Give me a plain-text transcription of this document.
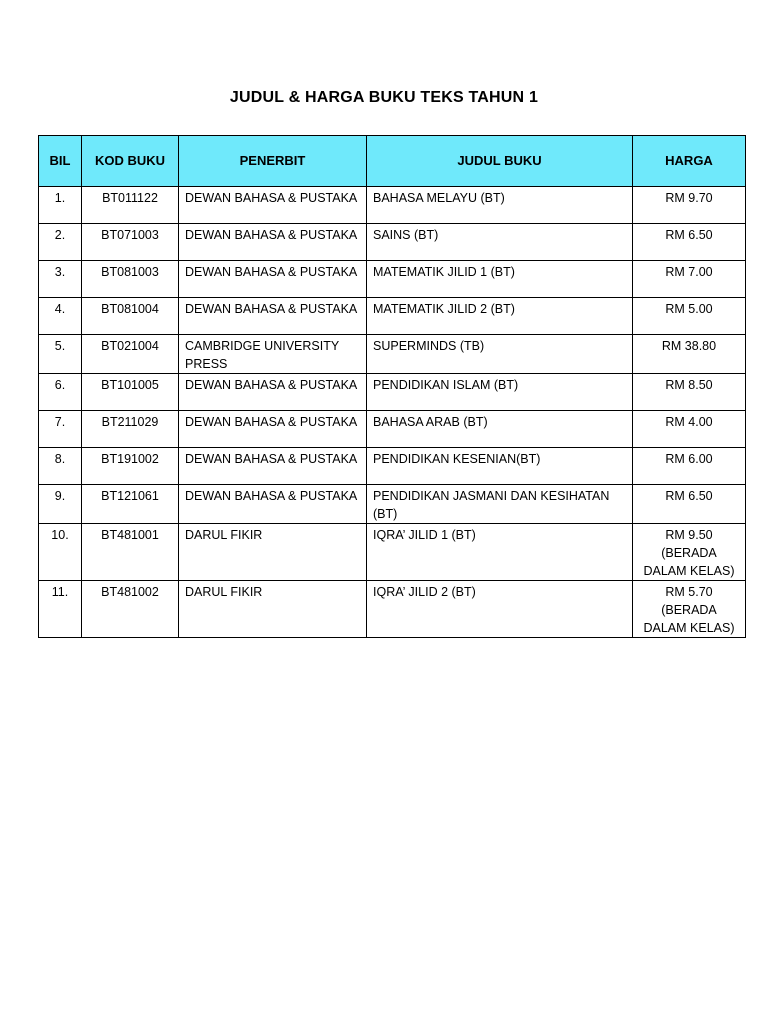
JUDUL & HARGA BUKU TEKS TAHUN 1
BIL	KOD BUKU	PENERBIT	JUDUL BUKU	HARGA
1.	BT011122	DEWAN BAHASA & PUSTAKA	BAHASA MELAYU (BT)	RM 9.70

2.	BT071003	DEWAN BAHASA & PUSTAKA	SAINS (BT)	RM 6.50

3.	BT081003	DEWAN BAHASA & PUSTAKA	MATEMATIK JILID 1 (BT)	RM 7.00

4.	BT081004	DEWAN BAHASA & PUSTAKA	MATEMATIK JILID 2 (BT)	RM 5.00

5.	BT021004	CAMBRIDGE UNIVERSITY PRESS	SUPERMINDS (TB)	RM 38.80

6.	BT101005	DEWAN BAHASA & PUSTAKA	PENDIDIKAN ISLAM (BT)	RM 8.50

7.	BT211029	DEWAN BAHASA & PUSTAKA	BAHASA ARAB (BT)	RM 4.00

8.	BT191002	DEWAN BAHASA & PUSTAKA	PENDIDIKAN KESENIAN(BT)	RM 6.00

9.	BT121061	DEWAN BAHASA & PUSTAKA	PENDIDIKAN JASMANI DAN KESIHATAN (BT)	RM 6.50

10.	BT481001	DARUL FIKIR	IQRA’ JILID 1 (BT)	RM 9.50
(BERADA DALAM KELAS)

11.	BT481002	DARUL FIKIR	IQRA’ JILID 2 (BT)	RM 5.70
(BERADA DALAM KELAS)
